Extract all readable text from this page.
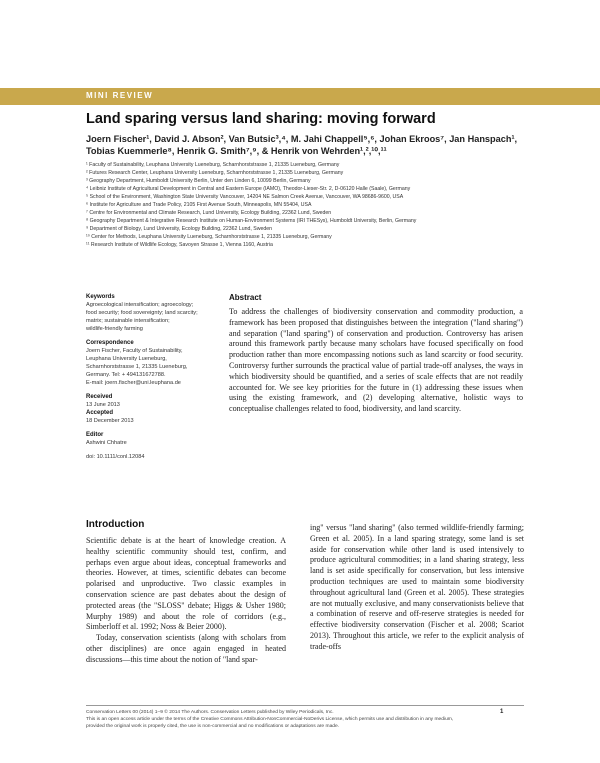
MINI REVIEW
Land sparing versus land sharing: moving forward

Joern Fischer¹, David J. Abson², Van Butsic³,⁴, M. Jahi Chappell⁵,⁶, Johan Ekroos⁷, Jan Hanspach¹, Tobias Kuemmerle⁸, Henrik G. Smith⁷,⁹, & Henrik von Wehrden¹,²,¹⁰,¹¹

¹ Faculty of Sustainability, Leuphana University Lueneburg, Scharnhorststrasse 1, 21335 Lueneburg, Germany
² Futures Research Center, Leuphana University Lueneburg, Scharnhorststrasse 1, 21335 Lueneburg, Germany
³ Geography Department, Humboldt University Berlin, Unter den Linden 6, 10099 Berlin, Germany
⁴ Leibniz Institute of Agricultural Development in Central and Eastern Europe (IAMO), Theodor-Lieser-Str. 2, D-06120 Halle (Saale), Germany
⁵ School of the Environment, Washington State University Vancouver, 14204 NE Salmon Creek Avenue, Vancouver, WA 98686-9600, USA
⁶ Institute for Agriculture and Trade Policy, 2105 First Avenue South, Minneapolis, MN 55404, USA
⁷ Centre for Environmental and Climate Research, Lund University, Ecology Building, 22362 Lund, Sweden
⁸ Geography Department & Integrative Research Institute on Human-Environment Systems (IRI THESys), Humboldt University, Berlin, Germany
⁹ Department of Biology, Lund University, Ecology Building, 22362 Lund, Sweden
¹⁰ Center for Methods, Leuphana University Lueneburg, Scharnhorststrasse 1, 21335 Lueneburg, Germany
¹¹ Research Institute of Wildlife Ecology, Savoyen Strasse 1, Vienna 1160, Austria

Keywords

Agroecological intensification; agroecology;

food security; food sovereignty; land scarcity;

matrix; sustainable intensification;

wildlife-friendly farming

Correspondence

Joern Fischer, Faculty of Sustainability,

Leuphana University Lueneburg,

Scharnhorststrasse 1, 21335 Lueneburg,

Germany. Tel: + 494131672788.

E-mail: joern.fischer@uni.leuphana.de

Received

13 June 2013

Accepted

18 December 2013

Editor

Ashwini Chhatre

doi: 10.1111/conl.12084

Abstract

To address the challenges of biodiversity conservation and commodity production, a framework has been proposed that distinguishes between the integration ("land sharing") and separation ("land sparing") of conservation and production. Controversy has arisen around this framework partly because many scholars have focused specifically on food production rather than more encompassing notions such as land scarcity or food security. Controversy further surrounds the practical value of partial trade-off analyses, the ways in which biodiversity should be quantified, and a series of scale effects that are not readily accounted for. We see key priorities for the future in (1) addressing these issues when using the existing framework, and (2) developing alternative, holistic ways to conceptualise challenges related to food, biodiversity, and land scarcity.

Introduction

Scientific debate is at the heart of knowledge creation. A healthy scientific community should test, confirm, and perhaps even argue about ideas, conceptual frameworks and theories. However, at times, scientific debates can become polarised and unproductive. Two classic examples in conservation science are past debates about the design of protected areas (the "SLOSS" debate; Higgs & Usher 1980; Murphy 1989) and about the role of corridors (e.g., Simberloff et al. 1992; Noss & Beier 2000).

Today, conservation scientists (along with scholars from other disciplines) are once again engaged in heated discussions—this time about the notion of "land spar-

ing" versus "land sharing" (also termed wildlife-friendly farming; Green et al. 2005). In a land sparing strategy, some land is set aside for conservation while other land is used intensively to produce agricultural commodities; in a land sharing strategy, less land is set aside specifically for conservation, but less intensive production techniques are used to maintain some biodiversity throughout agricultural land (Green et al. 2005). These strategies are not mutually exclusive, and many conservationists believe that a combination of reserve and off-reserve strategies is needed for effective biodiversity conservation (Fischer et al. 2008; Scariot 2013). Throughout this article, we refer to the explicit analysis of trade-offs

Conservation Letters 00 (2014) 1–9 © 2014 The Authors. Conservation Letters published by Wiley Periodicals, Inc.

This is an open access article under the terms of the Creative Commons Attribution-NonCommercial-NoDerivs License, which permits use and distribution in any medium,

provided the original work is properly cited, the use is non-commercial and no modifications or adaptations are made.

1
